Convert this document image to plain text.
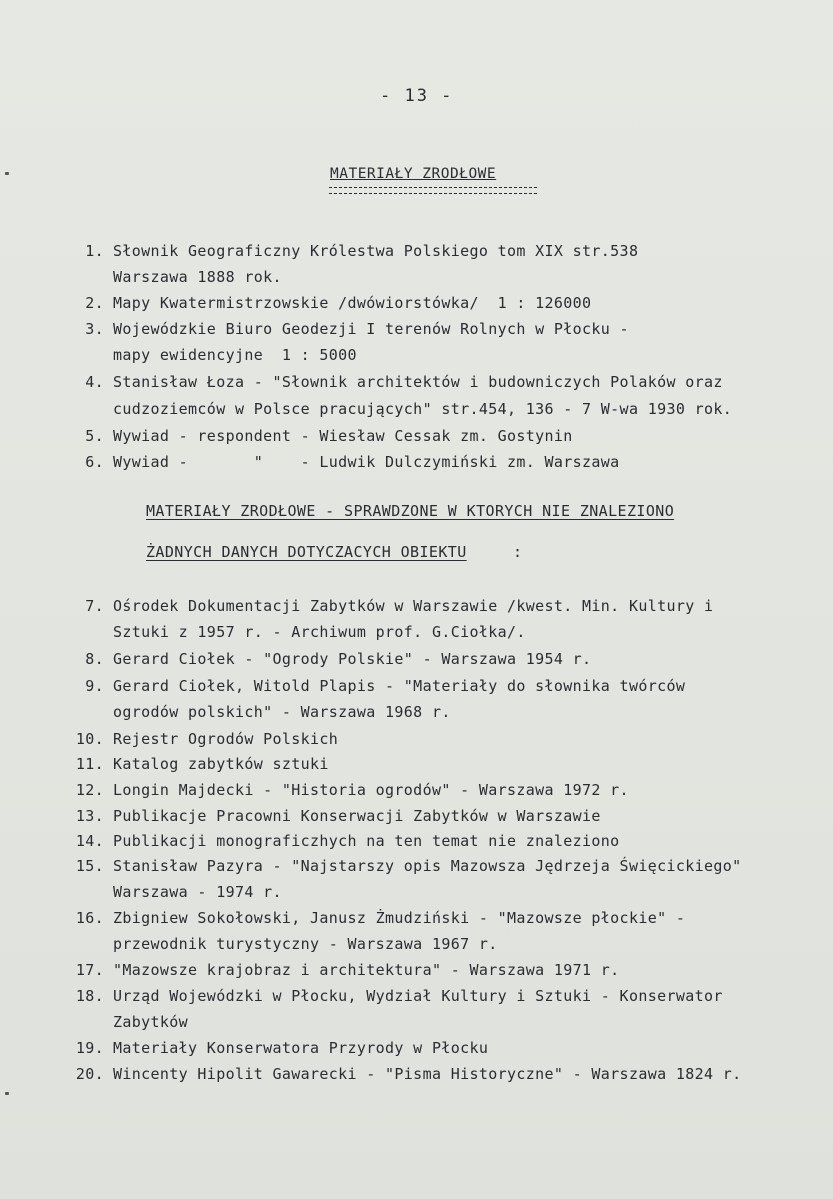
- 13 -
MATERIAŁY ZRODŁOWE
1. Słownik Geograficzny Królestwa Polskiego tom XIX str.538
Warszawa 1888 rok.
2. Mapy Kwatermistrzowskie /dwówiorstówka/  1 : 126000
3. Wojewódzkie Biuro Geodezji I terenów Rolnych w Płocku -
mapy ewidencyjne  1 : 5000
4. Stanisław Łoza - "Słownik architektów i budowniczych Polaków oraz
cudzoziemców w Polsce pracujących" str.454, 136 - 7 W-wa 1930 rok.
5. Wywiad - respondent - Wiesław Cessak zm. Gostynin
6. Wywiad -       "    - Ludwik Dulczymiński zm. Warszawa
MATERIAŁY ZRODŁOWE - SPRAWDZONE W KTORYCH NIE ZNALEZIONO
ŻADNYCH DANYCH DOTYCZACYCH OBIEKTU	:
7. Ośrodek Dokumentacji Zabytków w Warszawie /kwest. Min. Kultury i
Sztuki z 1957 r. - Archiwum prof. G.Ciołka/.
8. Gerard Ciołek - "Ogrody Polskie" - Warszawa 1954 r.
9. Gerard Ciołek, Witold Plapis - "Materiały do słownika twórców
ogrodów polskich" - Warszawa 1968 r.
10. Rejestr Ogrodów Polskich
11. Katalog zabytków sztuki
12. Longin Majdecki - "Historia ogrodów" - Warszawa 1972 r.
13. Publikacje Pracowni Konserwacji Zabytków w Warszawie
14. Publikacji monograficzhych na ten temat nie znaleziono
15. Stanisław Pazyra - "Najstarszy opis Mazowsza Jędrzeja Święcickiego"
Warszawa - 1974 r.
16. Zbigniew Sokołowski, Janusz Żmudziński - "Mazowsze płockie" -
przewodnik turystyczny - Warszawa 1967 r.
17. "Mazowsze krajobraz i architektura" - Warszawa 1971 r.
18. Urząd Wojewódzki w Płocku, Wydział Kultury i Sztuki - Konserwator
Zabytków
19. Materiały Konserwatora Przyrody w Płocku
20. Wincenty Hipolit Gawarecki - "Pisma Historyczne" - Warszawa 1824 r.
